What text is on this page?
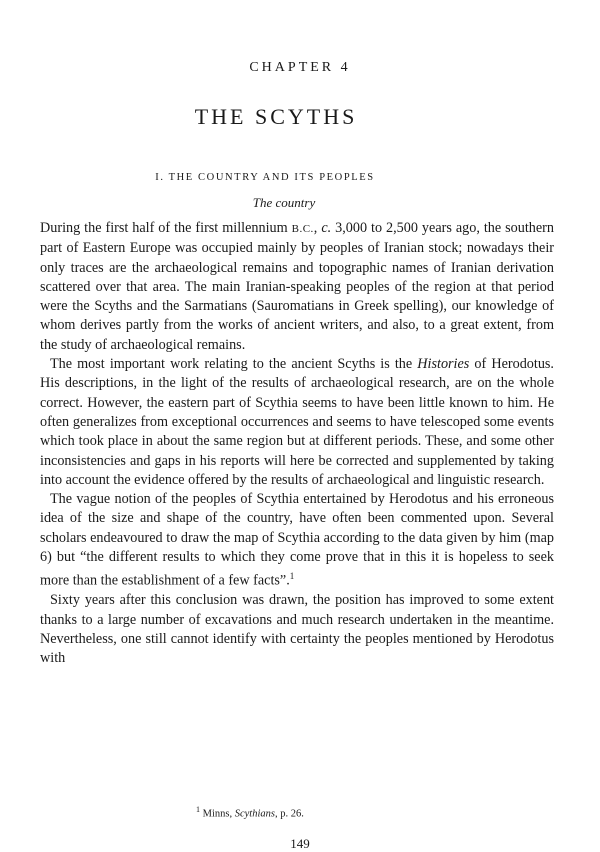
CHAPTER 4
THE SCYTHS
I. THE COUNTRY AND ITS PEOPLES
The country

During the first half of the first millennium B.C., c. 3,000 to 2,500 years ago, the southern part of Eastern Europe was occupied mainly by peoples of Iranian stock; nowadays their only traces are the archaeological remains and topographic names of Iranian derivation scattered over that area. The main Iranian-speaking peoples of the region at that period were the Scyths and the Sarmatians (Sauromatians in Greek spelling), our knowledge of whom derives partly from the works of ancient writers, and also, to a great extent, from the study of archaeological remains.

The most important work relating to the ancient Scyths is the Histories of Herodotus. His descriptions, in the light of the results of archaeological research, are on the whole correct. However, the eastern part of Scythia seems to have been little known to him. He often generalizes from exceptional occurrences and seems to have telescoped some events which took place in about the same region but at different periods. These, and some other inconsistencies and gaps in his reports will here be corrected and supplemented by taking into account the evidence offered by the results of archaeological and linguistic research.

The vague notion of the peoples of Scythia entertained by Herodotus and his erroneous idea of the size and shape of the country, have often been commented upon. Several scholars endeavoured to draw the map of Scythia according to the data given by him (map 6) but “the different results to which they come prove that in this it is hopeless to seek more than the establishment of a few facts”.$^1$

Sixty years after this conclusion was drawn, the position has improved to some extent thanks to a large number of excavations and much research undertaken in the meantime. Nevertheless, one still cannot identify with certainty the peoples mentioned by Herodotus with

$^1$ Minns, Scythians, p. 26.
149
